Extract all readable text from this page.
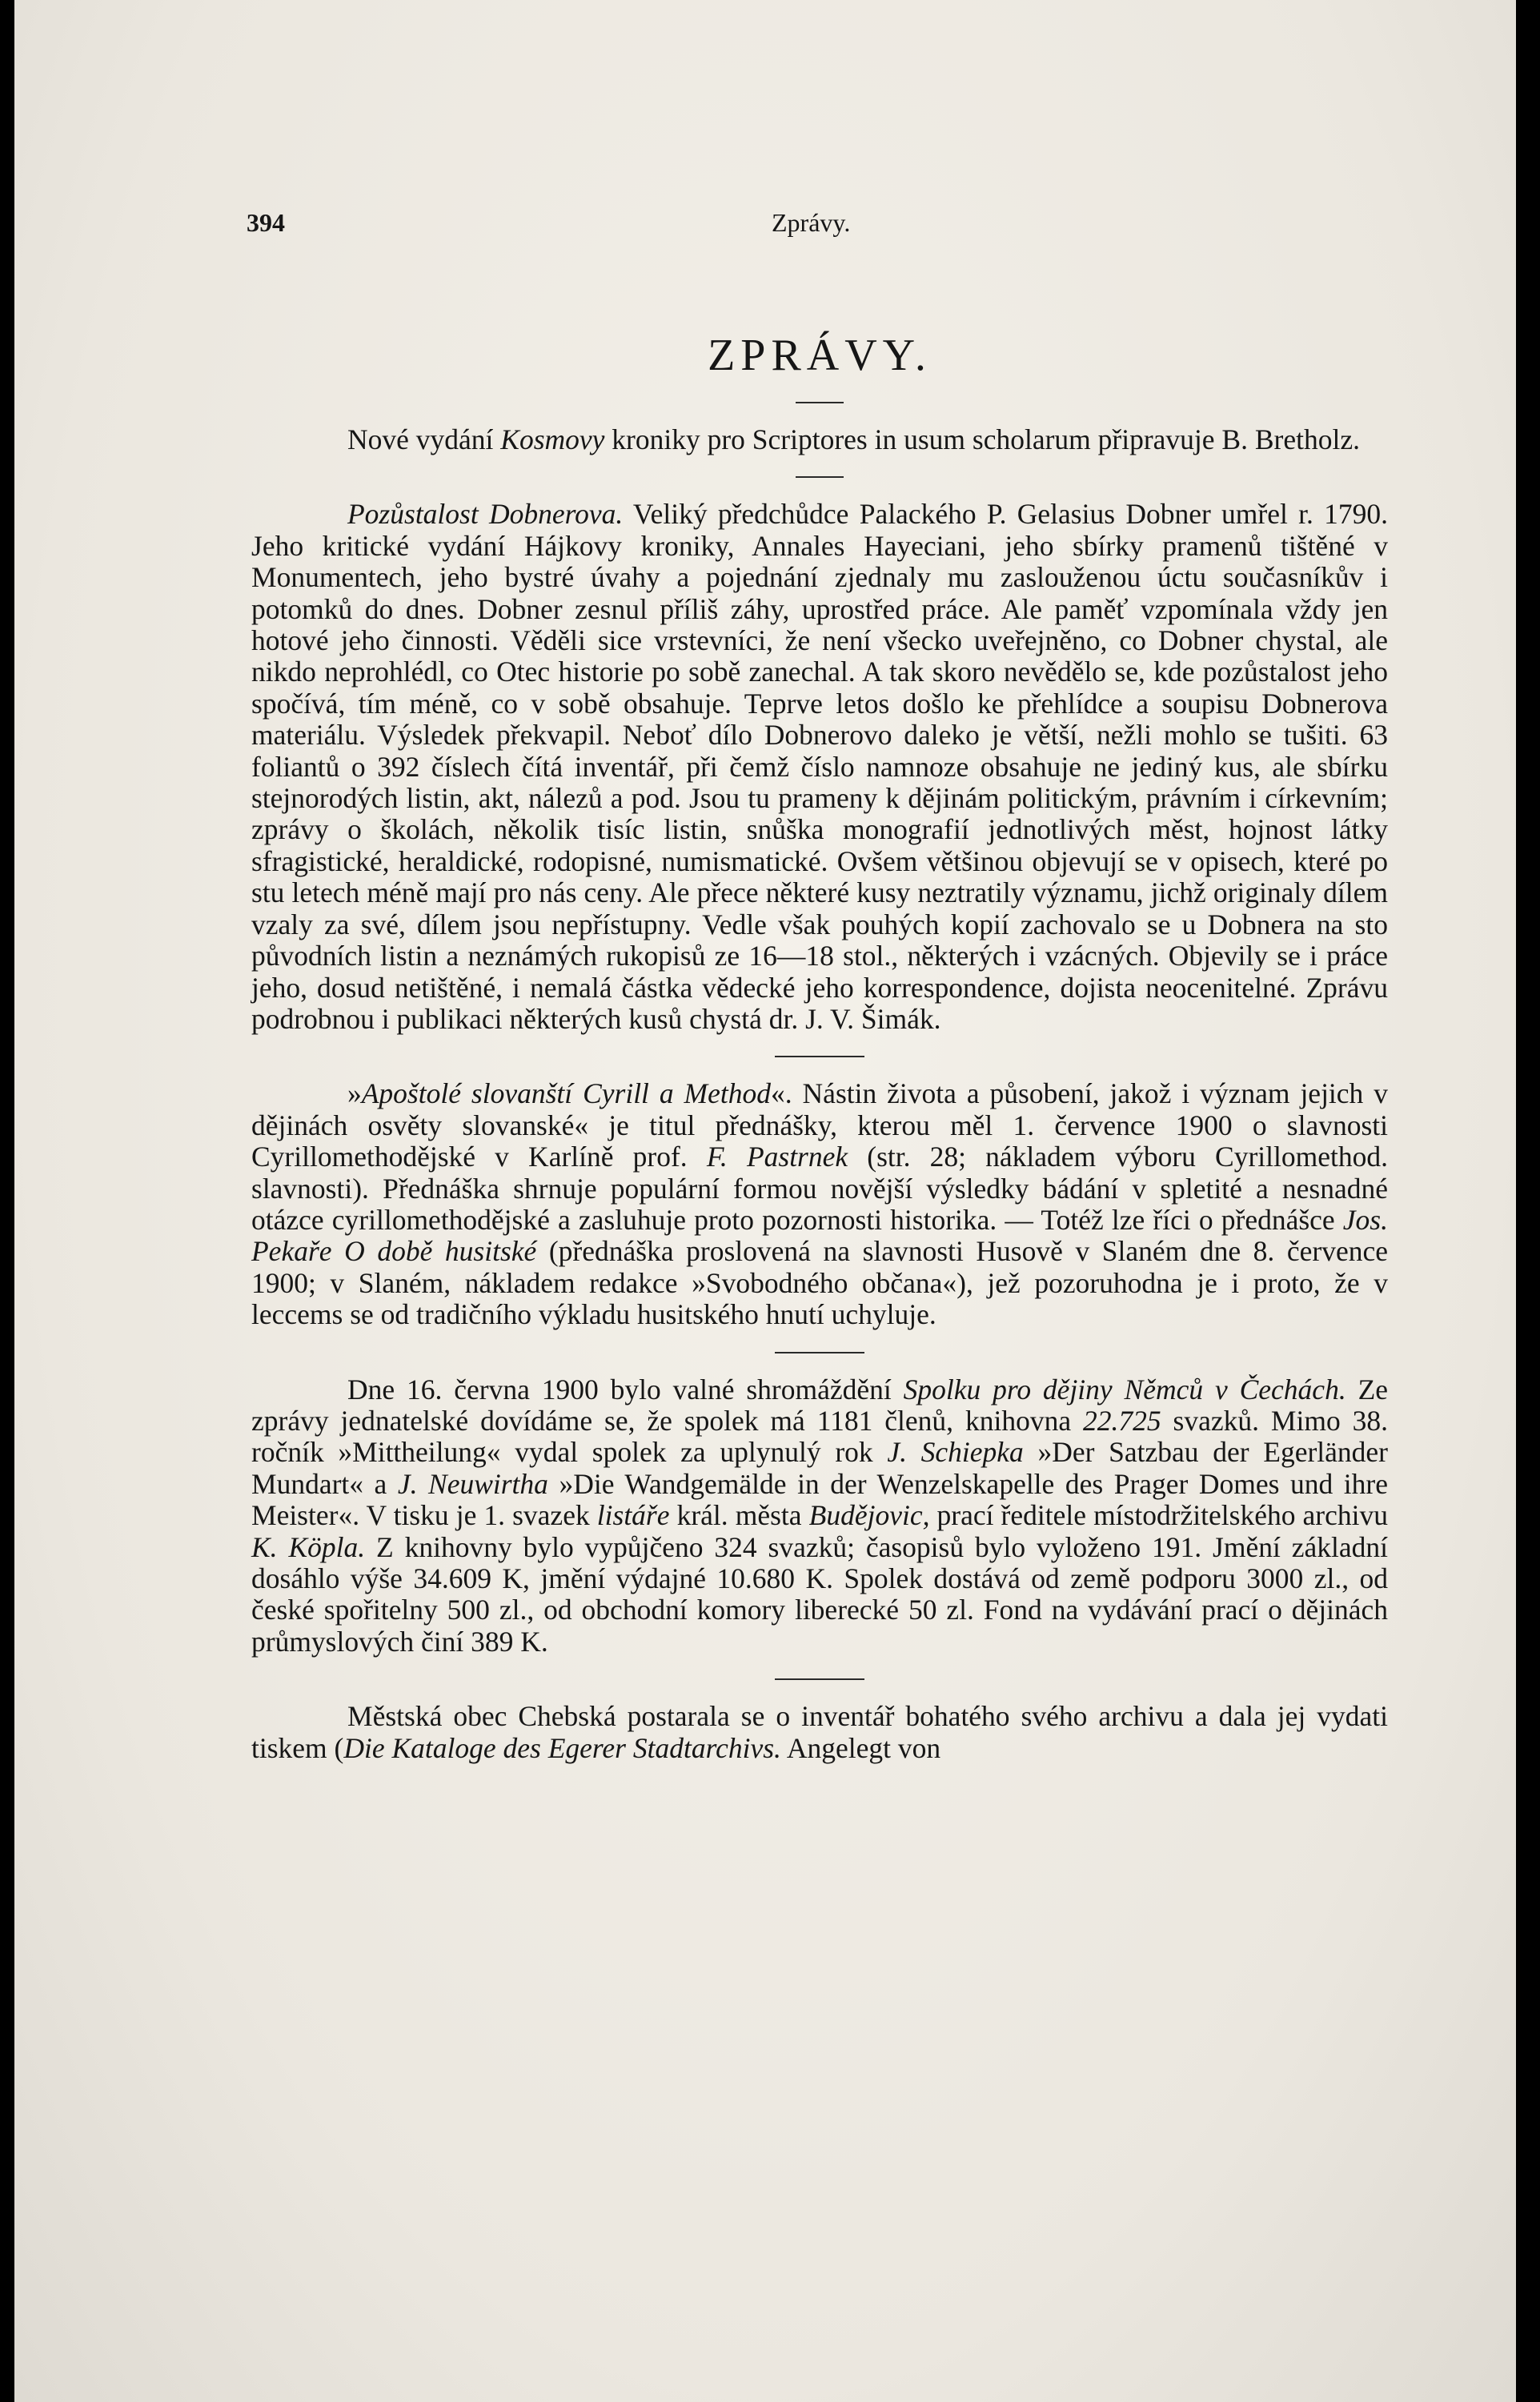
394	Zprávy.
ZPRÁVY.

Nové vydání Kosmovy kroniky pro Scriptores in usum scholarum připravuje B. Bretholz.

Pozůstalost Dobnerova. Veliký předchůdce Palackého P. Gelasius Dobner umřel r. 1790. Jeho kritické vydání Hájkovy kroniky, Annales Hayeciani, jeho sbírky pramenů tištěné v Monumentech, jeho bystré úvahy a pojednání zjednaly mu zaslouženou úctu současníkův i potomků do dnes. Dobner zesnul příliš záhy, uprostřed práce. Ale paměť vzpomínala vždy jen hotové jeho činnosti. Věděli sice vrstevníci, že není všecko uveřejněno, co Dobner chystal, ale nikdo neprohlédl, co Otec historie po sobě zanechal. A tak skoro nevědělo se, kde pozůstalost jeho spočívá, tím méně, co v sobě obsahuje. Teprve letos došlo ke přehlídce a soupisu Dobnerova materiálu. Výsledek překvapil. Neboť dílo Dobnerovo daleko je větší, nežli mohlo se tušiti. 63 foliantů o 392 číslech čítá inventář, při čemž číslo namnoze obsahuje ne jediný kus, ale sbírku stejnorodých listin, akt, nálezů a pod. Jsou tu prameny k dějinám politickým, právním i církevním; zprávy o školách, několik tisíc listin, snůška monografií jednotlivých měst, hojnost látky sfragistické, heraldické, rodopisné, numismatické. Ovšem většinou objevují se v opisech, které po stu letech méně mají pro nás ceny. Ale přece některé kusy neztratily významu, jichž originaly dílem vzaly za své, dílem jsou nepřístupny. Vedle však pouhých kopií zachovalo se u Dobnera na sto původních listin a neznámých rukopisů ze 16—18 stol., některých i vzácných. Objevily se i práce jeho, dosud netištěné, i nemalá částka vědecké jeho korrespondence, dojista neocenitelné. Zprávu podrobnou i publikaci některých kusů chystá dr. J. V. Šimák.

»Apoštolé slovanští Cyrill a Method«. Nástin života a působení, jakož i význam jejich v dějinách osvěty slovanské« je titul přednášky, kterou měl 1. července 1900 o slavnosti Cyrillomethodějské v Karlíně prof. F. Pastrnek (str. 28; nákladem výboru Cyrillomethod. slavnosti). Přednáška shrnuje populární formou novější výsledky bádání v spletité a nesnadné otázce cyrillomethodějské a zasluhuje proto pozornosti historika. — Totéž lze říci o přednášce Jos. Pekaře O době husitské (přednáška proslovená na slavnosti Husově v Slaném dne 8. července 1900; v Slaném, nákladem redakce »Svobodného občana«), jež pozoruhodna je i proto, že v leccems se od tradičního výkladu husitského hnutí uchyluje.

Dne 16. června 1900 bylo valné shromáždění Spolku pro dějiny Němců v Čechách. Ze zprávy jednatelské dovídáme se, že spolek má 1181 členů, knihovna 22.725 svazků. Mimo 38. ročník »Mittheilung« vydal spolek za uplynulý rok J. Schiepka »Der Satzbau der Egerländer Mundart« a J. Neuwirtha »Die Wandgemälde in der Wenzelskapelle des Prager Domes und ihre Meister«. V tisku je 1. svazek listáře král. města Budějovic, prací ředitele místodržitelského archivu K. Köpla. Z knihovny bylo vypůjčeno 324 svazků; časopisů bylo vyloženo 191. Jmění základní dosáhlo výše 34.609 K, jmění výdajné 10.680 K. Spolek dostává od země podporu 3000 zl., od české spořitelny 500 zl., od obchodní komory liberecké 50 zl. Fond na vydávání prací o dějinách průmyslových činí 389 K.

Městská obec Chebská postarala se o inventář bohatého svého archivu a dala jej vydati tiskem (Die Kataloge des Egerer Stadtarchivs. Angelegt von
